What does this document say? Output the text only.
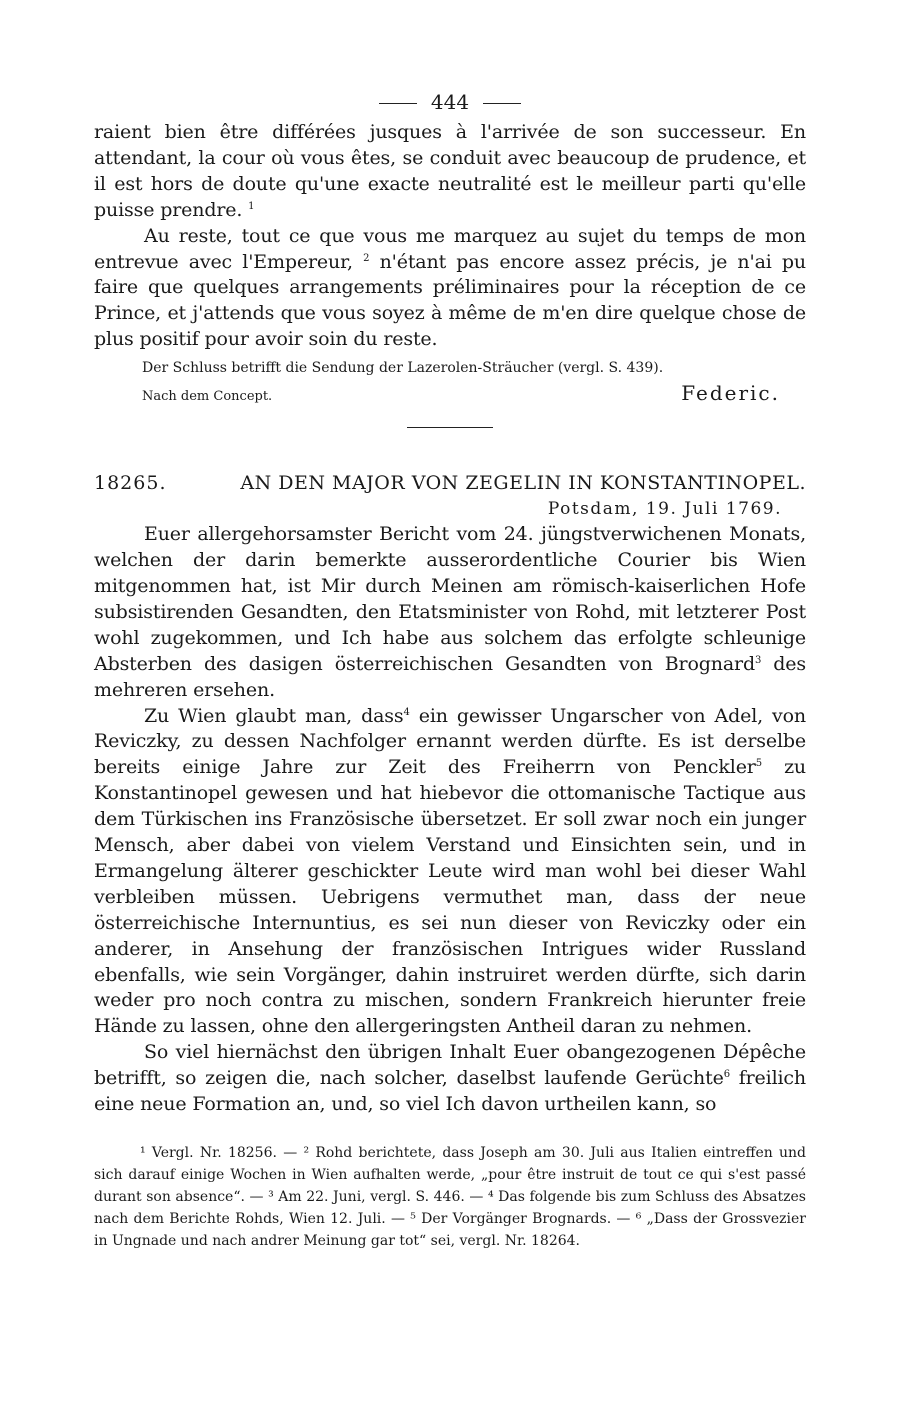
444

raient bien être différées jusques à l'arrivée de son successeur. En attendant, la cour où vous êtes, se conduit avec beaucoup de prudence, et il est hors de doute qu'une exacte neutralité est le meilleur parti qu'elle puisse prendre. $^1$

Au reste, tout ce que vous me marquez au sujet du temps de mon entrevue avec l'Empereur, $^2$ n'étant pas encore assez précis, je n'ai pu faire que quelques arrangements préliminaires pour la réception de ce Prince, et j'attends que vous soyez à même de m'en dire quelque chose de plus positif pour avoir soin du reste.

Der Schluss betrifft die Sendung der Lazerolen-Sträucher (vergl. S. 439).
Nach dem Concept.	Federic.
18265.	AN DEN MAJOR VON ZEGELIN IN KONSTANTINOPEL.
Potsdam, 19. Juli 1769.

Euer allergehorsamster Bericht vom 24. jüngstverwichenen Monats, welchen der darin bemerkte ausserordentliche Courier bis Wien mitgenommen hat, ist Mir durch Meinen am römisch-kaiserlichen Hofe subsistirenden Gesandten, den Etatsminister von Rohd, mit letzterer Post wohl zugekommen, und Ich habe aus solchem das erfolgte schleunige Absterben des dasigen österreichischen Gesandten von Brognard$^3$ des mehreren ersehen.

Zu Wien glaubt man, dass$^4$ ein gewisser Ungarscher von Adel, von Reviczky, zu dessen Nachfolger ernannt werden dürfte. Es ist derselbe bereits einige Jahre zur Zeit des Freiherrn von Penckler$^5$ zu Konstantinopel gewesen und hat hiebevor die ottomanische Tactique aus dem Türkischen ins Französische übersetzet. Er soll zwar noch ein junger Mensch, aber dabei von vielem Verstand und Einsichten sein, und in Ermangelung älterer geschickter Leute wird man wohl bei dieser Wahl verbleiben müssen. Uebrigens vermuthet man, dass der neue österreichische Internuntius, es sei nun dieser von Reviczky oder ein anderer, in Ansehung der französischen Intrigues wider Russland ebenfalls, wie sein Vorgänger, dahin instruiret werden dürfte, sich darin weder pro noch contra zu mischen, sondern Frankreich hierunter freie Hände zu lassen, ohne den allergeringsten Antheil daran zu nehmen.

So viel hiernächst den übrigen Inhalt Euer obangezogenen Dépêche betrifft, so zeigen die, nach solcher, daselbst laufende Gerüchte$^6$ freilich eine neue Formation an, und, so viel Ich davon urtheilen kann, so

¹ Vergl. Nr. 18256. — ² Rohd berichtete, dass Joseph am 30. Juli aus Italien eintreffen und sich darauf einige Wochen in Wien aufhalten werde, „pour être instruit de tout ce qui s'est passé durant son absence“. — ³ Am 22. Juni, vergl. S. 446. — ⁴ Das folgende bis zum Schluss des Absatzes nach dem Berichte Rohds, Wien 12. Juli. — ⁵ Der Vorgänger Brognards. — ⁶ „Dass der Grossvezier in Ungnade und nach andrer Meinung gar tot“ sei, vergl. Nr. 18264.
